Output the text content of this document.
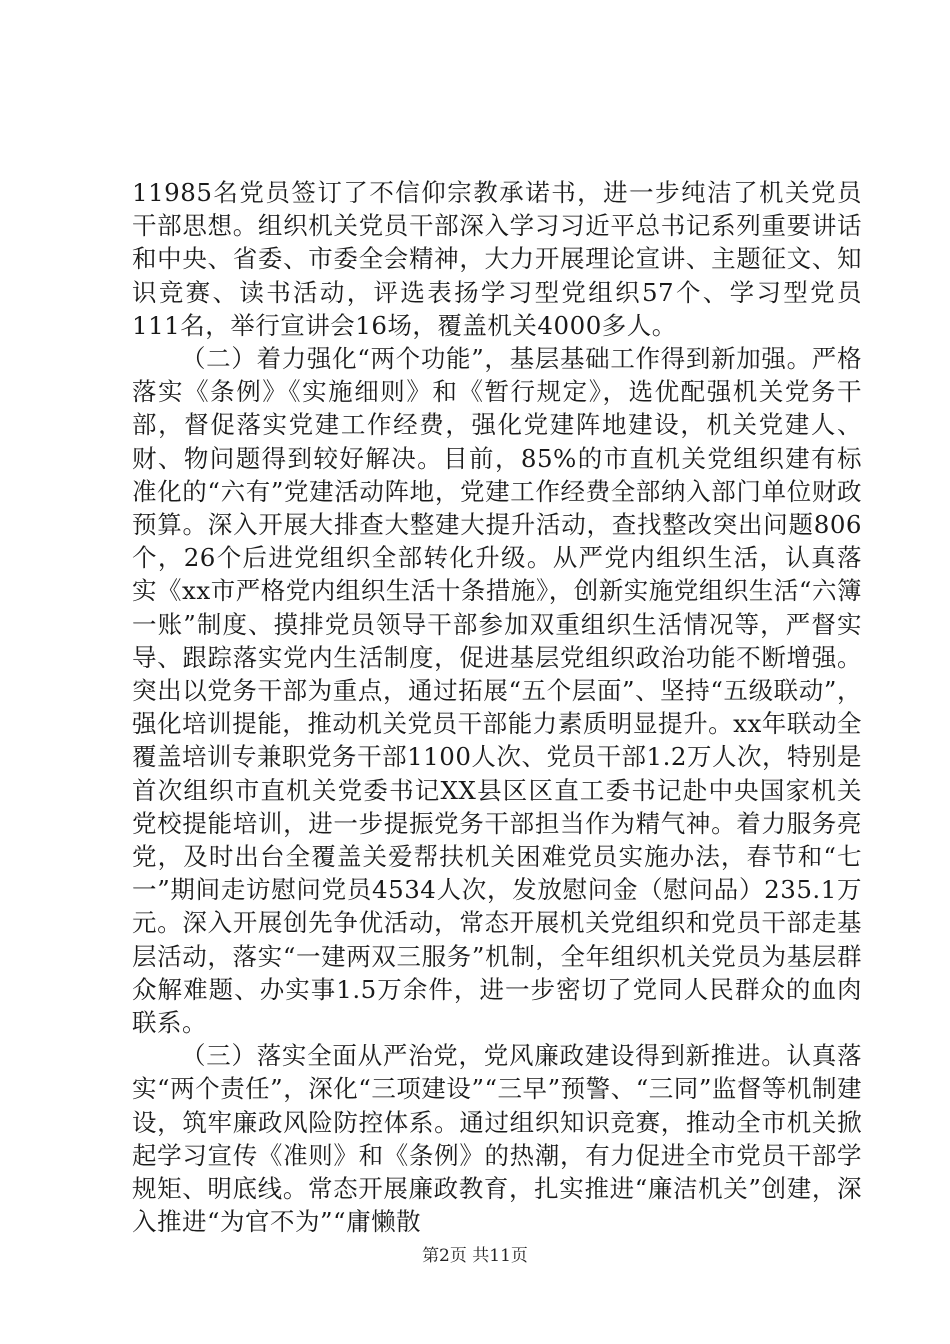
11985名党员签订了不信仰宗教承诺书，进一步纯洁了机关党员干部思想。组织机关党员干部深入学习习近平总书记系列重要讲话和中央、省委、市委全会精神，大力开展理论宣讲、主题征文、知识竞赛、读书活动，评选表扬学习型党组织57个、学习型党员111名，举行宣讲会16场，覆盖机关4000多人。

（二）着力强化“两个功能”，基层基础工作得到新加强。严格落实《条例》《实施细则》和《暂行规定》，选优配强机关党务干部，督促落实党建工作经费，强化党建阵地建设，机关党建人、财、物问题得到较好解决。目前，85%的市直机关党组织建有标准化的“六有”党建活动阵地，党建工作经费全部纳入部门单位财政预算。深入开展大排查大整建大提升活动，查找整改突出问题806个，26个后进党组织全部转化升级。从严党内组织生活，认真落实《xx市严格党内组织生活十条措施》，创新实施党组织生活“六簿一账”制度、摸排党员领导干部参加双重组织生活情况等，严督实导、跟踪落实党内生活制度，促进基层党组织政治功能不断增强。突出以党务干部为重点，通过拓展“五个层面”、坚持“五级联动”，强化培训提能，推动机关党员干部能力素质明显提升。xx年联动全覆盖培训专兼职党务干部1100人次、党员干部1.2万人次，特别是首次组织市直机关党委书记XX县区区直工委书记赴中央国家机关党校提能培训，进一步提振党务干部担当作为精气神。着力服务亮党，及时出台全覆盖关爱帮扶机关困难党员实施办法，春节和“七一”期间走访慰问党员4534人次，发放慰问金（慰问品）235.1万元。深入开展创先争优活动，常态开展机关党组织和党员干部走基层活动，落实“一建两双三服务”机制，全年组织机关党员为基层群众解难题、办实事1.5万余件，进一步密切了党同人民群众的血肉联系。

（三）落实全面从严治党，党风廉政建设得到新推进。认真落实“两个责任”，深化“三项建设”“三早”预警、“三同”监督等机制建设，筑牢廉政风险防控体系。通过组织知识竞赛，推动全市机关掀起学习宣传《准则》和《条例》的热潮，有力促进全市党员干部学规矩、明底线。常态开展廉政教育，扎实推进“廉洁机关”创建，深入推进“为官不为”“庸懒散

第2页 共11页
